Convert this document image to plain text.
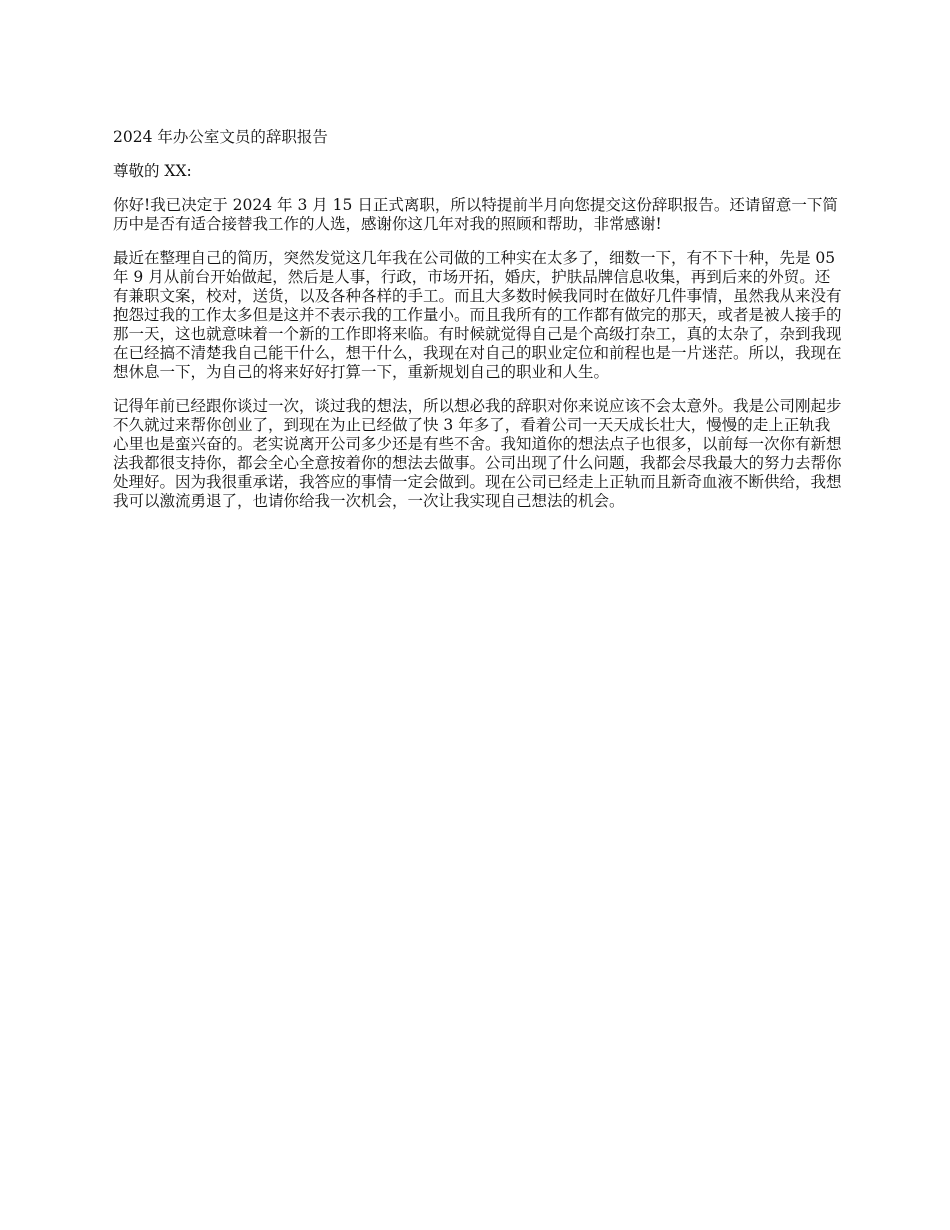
2024 年办公室文员的辞职报告

尊敬的 XX:

你好!我已决定于 2024 年 3 月 15 日正式离职，所以特提前半月向您提交这份辞职报告。还请留意一下简历中是否有适合接替我工作的人选，感谢你这几年对我的照顾和帮助，非常感谢!

最近在整理自己的简历，突然发觉这几年我在公司做的工种实在太多了，细数一下，有不下十种，先是 05 年 9 月从前台开始做起，然后是人事，行政，市场开拓，婚庆，护肤品牌信息收集，再到后来的外贸。还有兼职文案，校对，送货，以及各种各样的手工。而且大多数时候我同时在做好几件事情，虽然我从来没有抱怨过我的工作太多但是这并不表示我的工作量小。而且我所有的工作都有做完的那天，或者是被人接手的那一天，这也就意味着一个新的工作即将来临。有时候就觉得自己是个高级打杂工，真的太杂了，杂到我现在已经搞不清楚我自己能干什么，想干什么，我现在对自己的职业定位和前程也是一片迷茫。所以，我现在想休息一下，为自己的将来好好打算一下，重新规划自己的职业和人生。

记得年前已经跟你谈过一次，谈过我的想法，所以想必我的辞职对你来说应该不会太意外。我是公司刚起步不久就过来帮你创业了，到现在为止已经做了快 3 年多了，看着公司一天天成长壮大，慢慢的走上正轨我心里也是蛮兴奋的。老实说离开公司多少还是有些不舍。我知道你的想法点子也很多，以前每一次你有新想法我都很支持你，都会全心全意按着你的想法去做事。公司出现了什么问题，我都会尽我最大的努力去帮你处理好。因为我很重承诺，我答应的事情一定会做到。现在公司已经走上正轨而且新奇血液不断供给，我想我可以激流勇退了，也请你给我一次机会，一次让我实现自己想法的机会。
